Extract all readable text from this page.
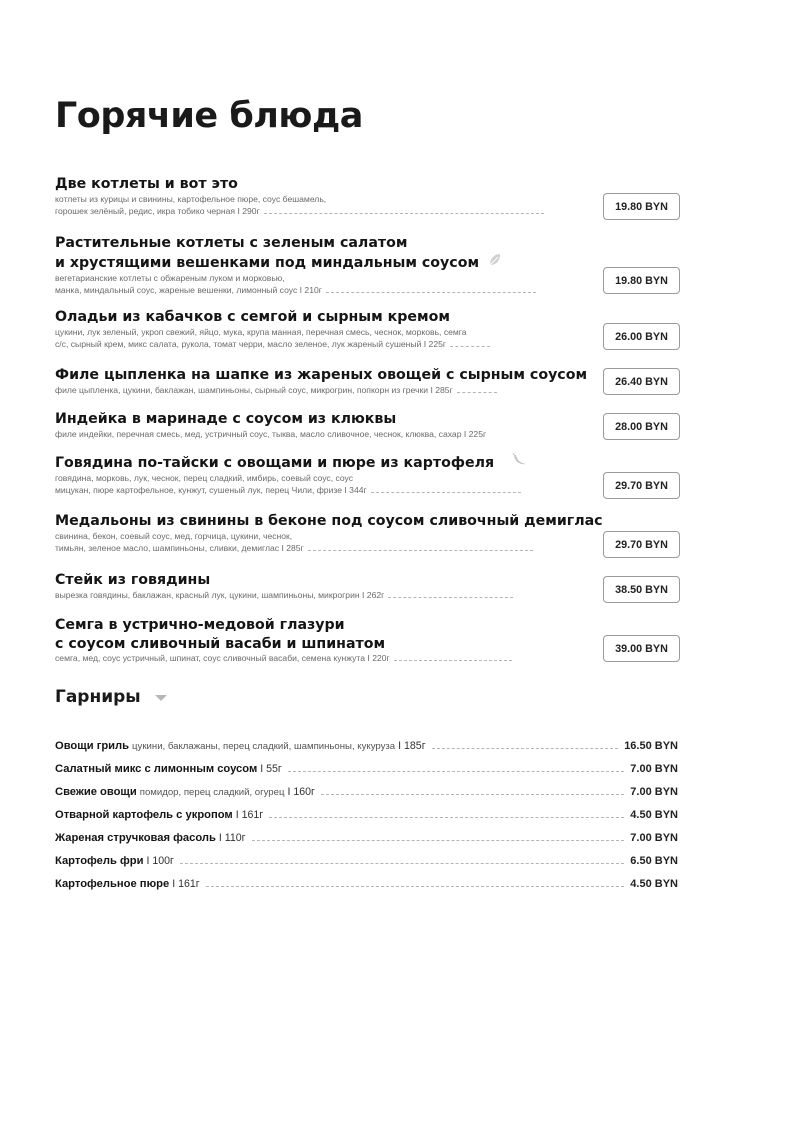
Горячие блюда
Две котлеты и вот это
котлеты из курицы и свинины, картофельное пюре, соус бешамель,
горошек зелёный, редис, икра тобико черная I 290г	19.80 BYN
Растительные котлеты с зеленым салатом
и хрустящими вешенками под миндальным соусом
вегетарианские котлеты с обжареным луком и морковью,
манка, миндальный соус, жареные вешенки, лимонный соус I 210г
19.80 BYN
Оладьи из кабачков с семгой и сырным кремом
цукини, лук зеленый, укроп свежий, яйцо, мука, крупа манная, перечная смесь, чеснок, морковь, семга
с/с, сырный крем, микс салата, рукола, томат черри, масло зеленое, лук жареный сушеный I 225г
26.00 BYN
Филе цыпленка на шапке из жареных овощей с сырным соусом
филе цыпленка, цукини, баклажан, шампиньоны, сырный соус, микрогрин, попкорн из гречки I 285г
26.40 BYN
Индейка в маринаде с соусом из клюквы
филе индейки, перечная смесь, мед, устричный соус, тыква, масло сливочное, чеснок, клюква, сахар I 225г
28.00 BYN
Говядина по-тайски с овощами и пюре из картофеля
говядина, морковь, лук, чеснок, перец сладкий, имбирь, соевый соус, соус
мицукан, пюре картофельное, кунжут, сушеный лук, перец Чили, фризе I 344г	29.70 BYN
Медальоны из свинины в беконе под соусом сливочный демиглас
свинина, бекон, соевый соус, мед, горчица, цукини, чеснок,
тимьян, зеленое масло, шампиньоны, сливки, демиглас I 285г	29.70 BYN
Стейк из говядины
вырезка говядины, баклажан, красный лук, цукини, шампиньоны, микрогрин I 262г	38.50 BYN
Семга в устрично-медовой глазури
с соусом сливочный васаби и шпинатом
семга, мед, соус устричный, шпинат, соус сливочный васаби, семена кунжута I 220г
39.00 BYN
Гарниры
Овощи гриль цукини, баклажаны, перец сладкий, шампиньоны, кукуруза I 185г	16.50 BYN
Салатный микс с лимонным соусом I 55г	7.00 BYN
Свежие овощи помидор, перец сладкий, огурец I 160г	7.00 BYN
Отварной картофель с укропом I 161г	4.50 BYN
Жареная стручковая фасоль I 110г	7.00 BYN
Картофель фри I 100г	6.50 BYN
Картофельное пюре I 161г	4.50 BYN
